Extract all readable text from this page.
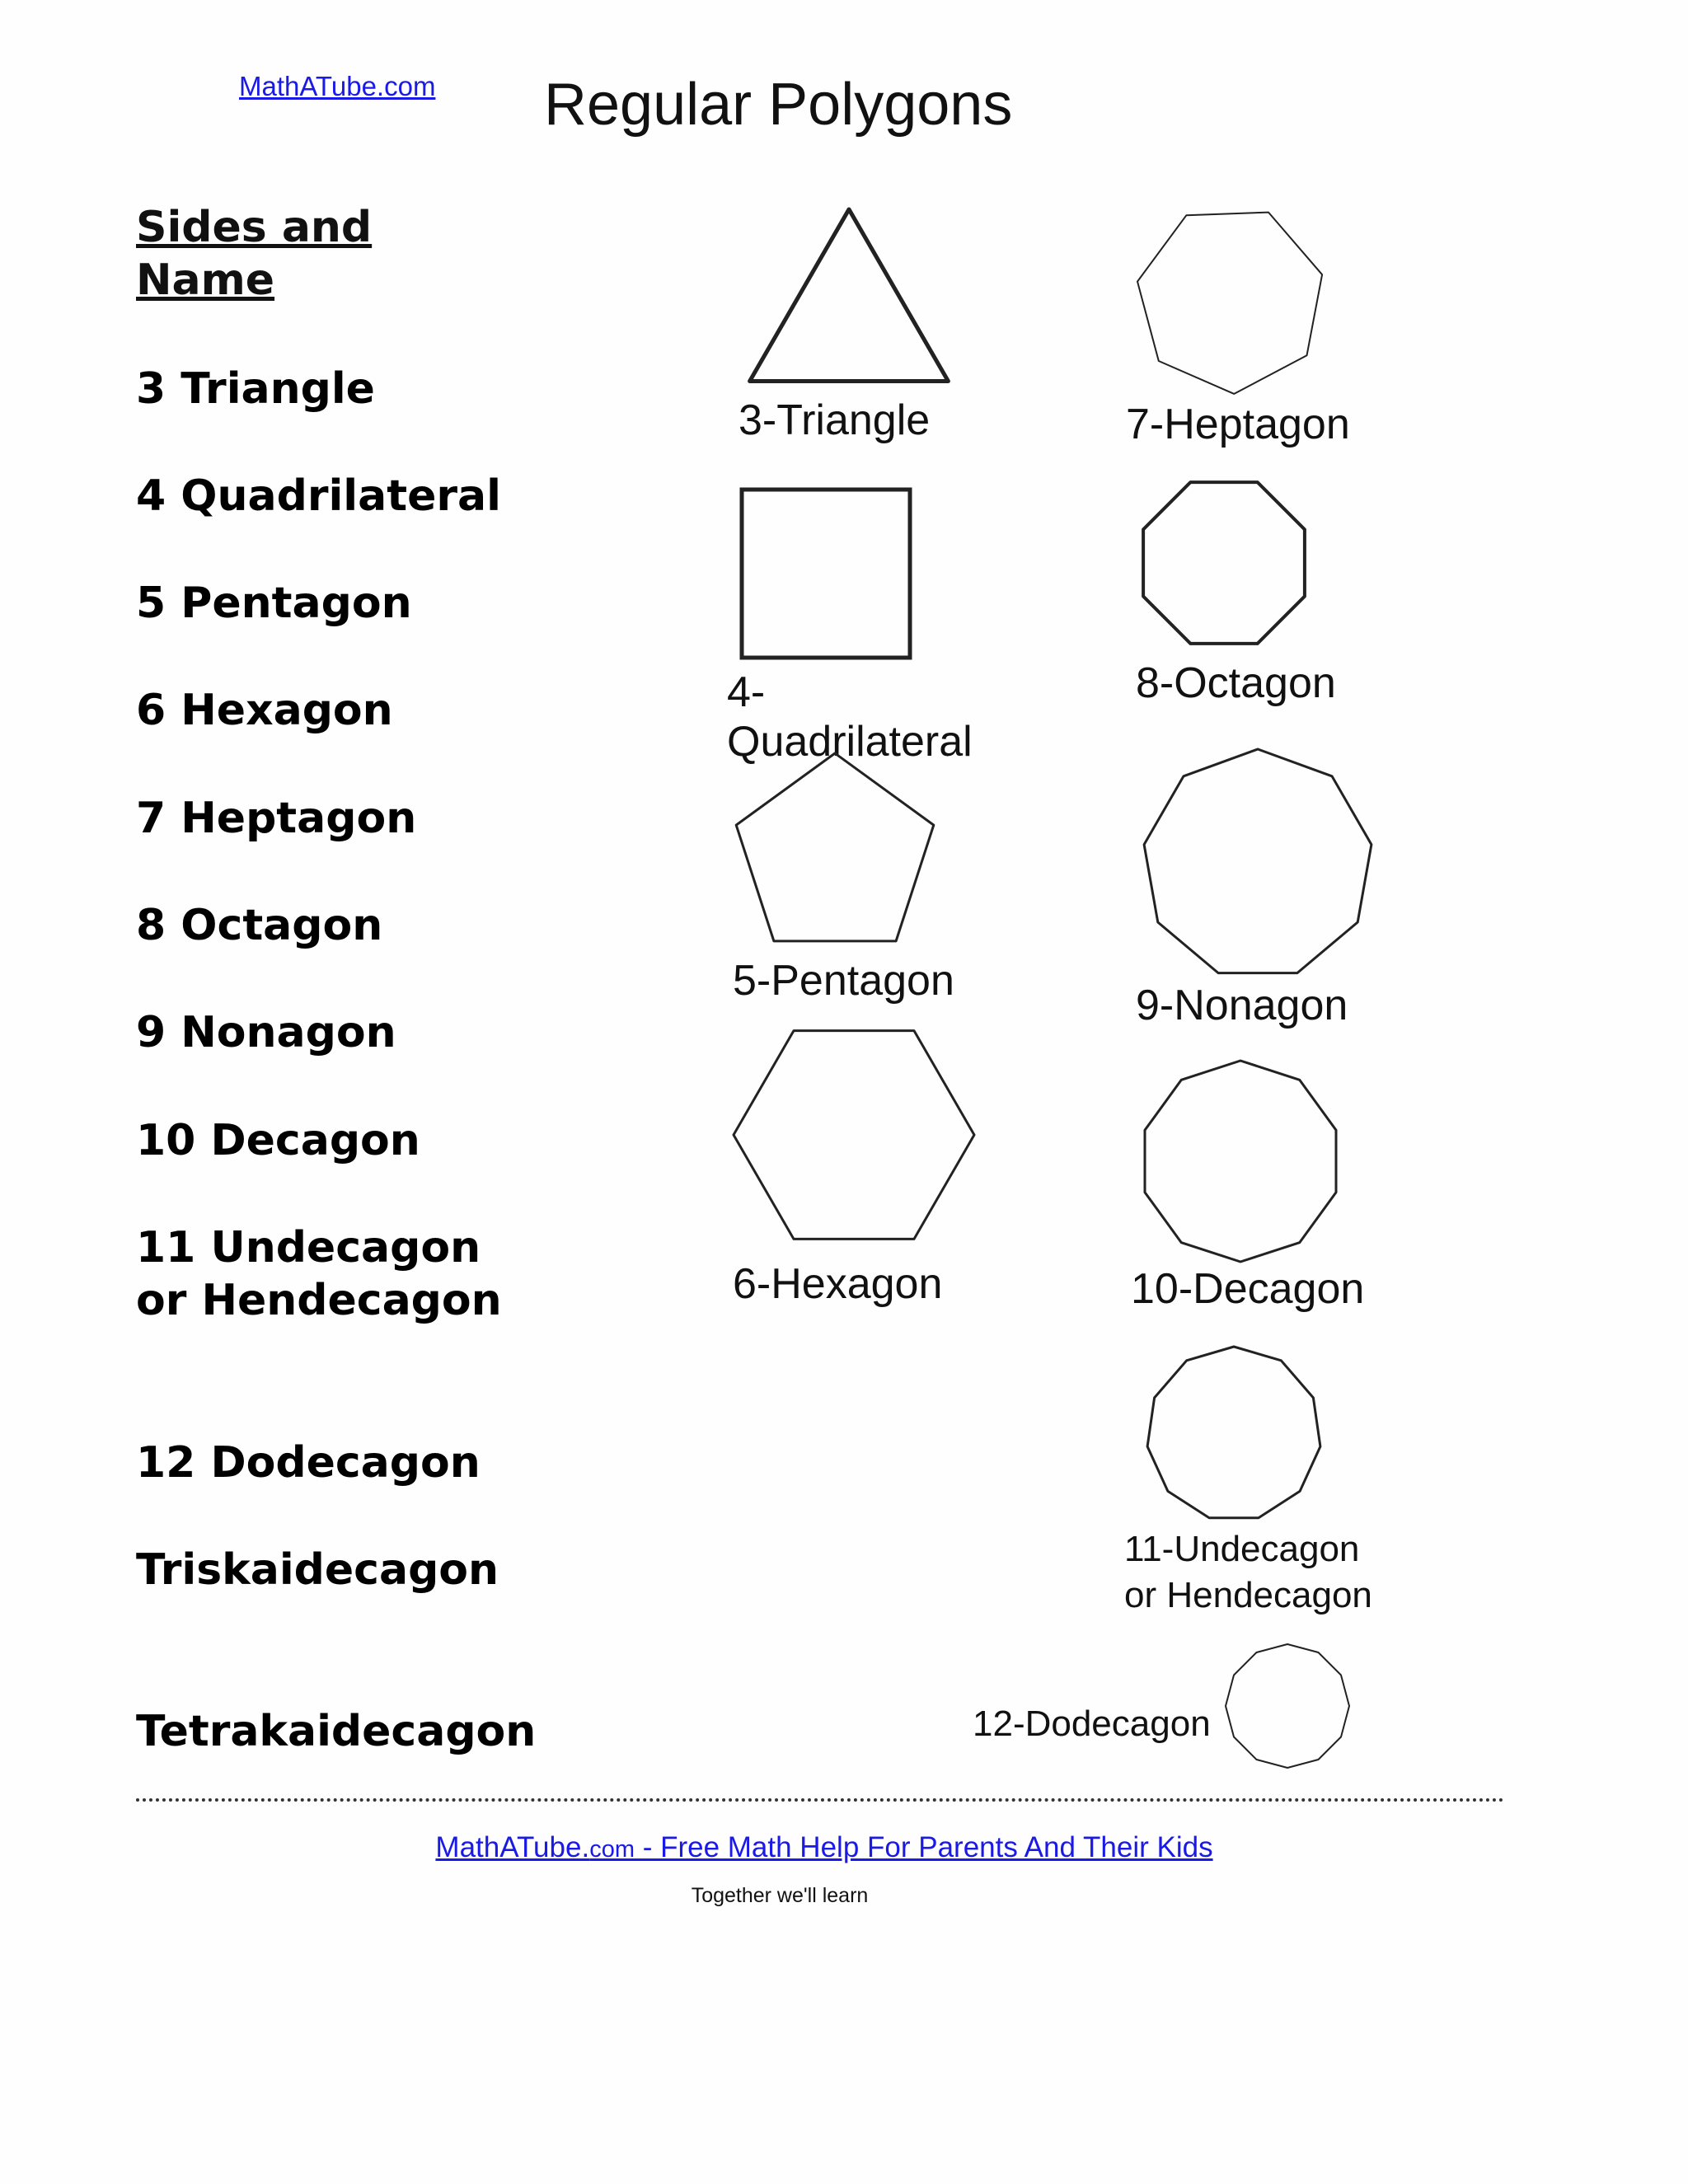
MathATube.com Regular Polygons
Sides and Name
3 Triangle
4 Quadrilateral
5 Pentagon
6 Hexagon
7 Heptagon
8 Octagon
9 Nonagon
10 Decagon
11 Undecagon or Hendecagon
12 Dodecagon
Triskaidecagon
Tetrakaidecagon
3-Triangle
4-
Quadrilateral
5-Pentagon
6-Hexagon
7-Heptagon
8-Octagon
9-Nonagon
10-Decagon
11-Undecagon
or Hendecagon
12-Dodecagon
MathATube.com - Free Math Help For Parents And Their Kids
Together we'll learn
